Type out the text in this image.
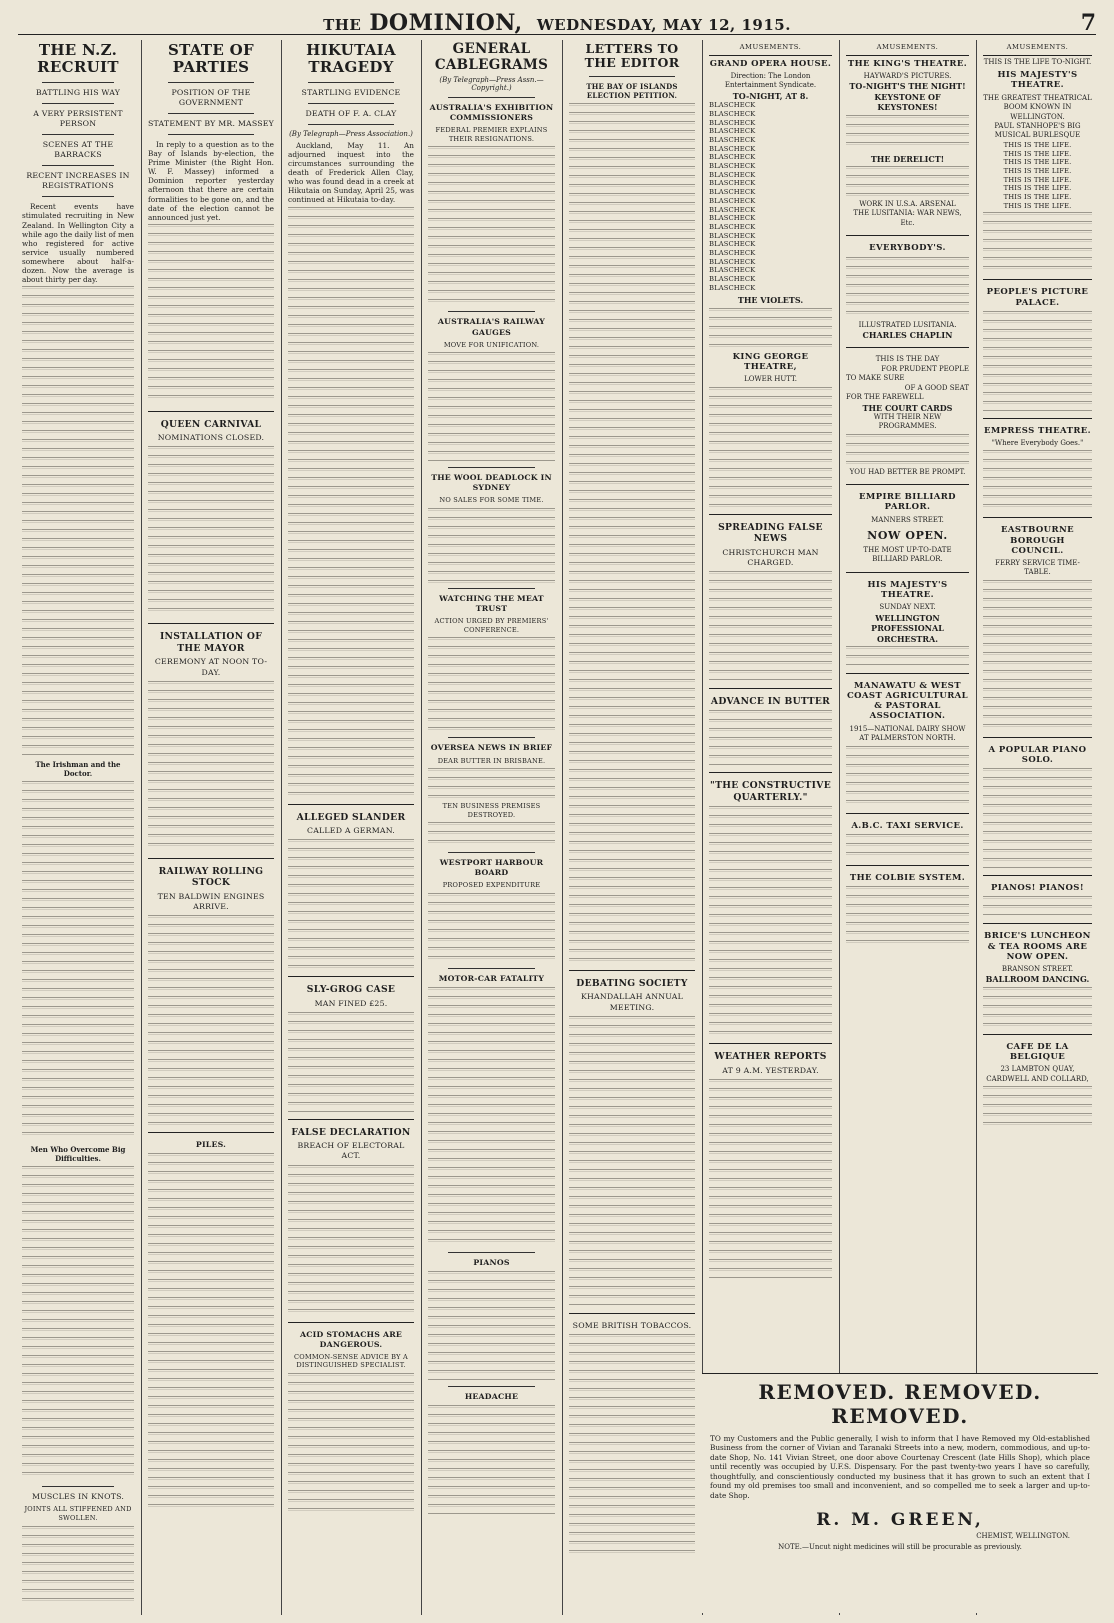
THE DOMINION, WEDNESDAY, MAY 12, 1915.	7
THE N.Z. RECRUIT
BATTLING HIS WAY
A VERY PERSISTENT PERSON
SCENES AT THE BARRACKS
RECENT INCREASES IN REGISTRATIONS

Recent events have stimulated recruiting in New Zealand. In Wellington City a while ago the daily list of men who registered for active service usually numbered somewhere about half-a-dozen. Now the average is about thirty per day.

The Irishman and the Doctor.
Men Who Overcome Big Difficulties.
MUSCLES IN KNOTS.
JOINTS ALL STIFFENED AND SWOLLEN.
STATE OF PARTIES
POSITION OF THE GOVERNMENT
STATEMENT BY MR. MASSEY

In reply to a question as to the Bay of Islands by-election, the Prime Minister (the Right Hon. W. F. Massey) informed a Dominion reporter yesterday afternoon that there are certain formalities to be gone on, and the date of the election cannot be announced just yet.

QUEEN CARNIVAL
NOMINATIONS CLOSED.
INSTALLATION OF THE MAYOR
CEREMONY AT NOON TO-DAY.
RAILWAY ROLLING STOCK
TEN BALDWIN ENGINES ARRIVE.
PILES.
HIKUTAIA TRAGEDY
STARTLING EVIDENCE
DEATH OF F. A. CLAY
(By Telegraph—Press Association.)

Auckland, May 11. An adjourned inquest into the circumstances surrounding the death of Frederick Allen Clay, who was found dead in a creek at Hikutaia on Sunday, April 25, was continued at Hikutaia to-day.

ALLEGED SLANDER
CALLED A GERMAN.
SLY-GROG CASE
MAN FINED £25.
FALSE DECLARATION
BREACH OF ELECTORAL ACT.
ACID STOMACHS ARE DANGEROUS.
COMMON-SENSE ADVICE BY A DISTINGUISHED SPECIALIST.
GENERAL CABLEGRAMS
(By Telegraph—Press Assn.—Copyright.)
AUSTRALIA'S EXHIBITION COMMISSIONERS
FEDERAL PREMIER EXPLAINS THEIR RESIGNATIONS.
AUSTRALIA'S RAILWAY GAUGES
MOVE FOR UNIFICATION.
THE WOOL DEADLOCK IN SYDNEY
NO SALES FOR SOME TIME.
WATCHING THE MEAT TRUST
ACTION URGED BY PREMIERS' CONFERENCE.
OVERSEA NEWS IN BRIEF
DEAR BUTTER IN BRISBANE.
TEN BUSINESS PREMISES DESTROYED.
WESTPORT HARBOUR BOARD
PROPOSED EXPENDITURE
MOTOR-CAR FATALITY
PIANOS
HEADACHE
LETTERS TO THE EDITOR
THE BAY OF ISLANDS ELECTION PETITION.
DEBATING SOCIETY
KHANDALLAH ANNUAL MEETING.
SOME BRITISH TOBACCOS.
AMUSEMENTS.
GRAND OPERA HOUSE.
Direction: The London Entertainment Syndicate.
TO-NIGHT, AT 8.
BLASCHECK
BLASCHECK
BLASCHECK
BLASCHECK
BLASCHECK
BLASCHECK
BLASCHECK
BLASCHECK
BLASCHECK
BLASCHECK
BLASCHECK
BLASCHECK
BLASCHECK
BLASCHECK
BLASCHECK
BLASCHECK
BLASCHECK
BLASCHECK
BLASCHECK
BLASCHECK
BLASCHECK
BLASCHECK
THE VIOLETS.
KING GEORGE THEATRE,
LOWER HUTT.
SPREADING FALSE NEWS
CHRISTCHURCH MAN CHARGED.
ADVANCE IN BUTTER
"THE CONSTRUCTIVE QUARTERLY."
WEATHER REPORTS
AT 9 A.M. YESTERDAY.
AMUSEMENTS.
THE KING'S THEATRE.
HAYWARD'S PICTURES.
TO-NIGHT'S THE NIGHT!
KEYSTONE OF KEYSTONES!
THE DERELICT!
WORK IN U.S.A. ARSENAL
THE LUSITANIA: WAR NEWS, Etc.
EVERYBODY'S.
ILLUSTRATED LUSITANIA.
CHARLES CHAPLIN
THIS IS THE DAY
FOR PRUDENT PEOPLE
TO MAKE SURE
OF A GOOD SEAT
FOR THE FAREWELL
THE COURT CARDS
WITH THEIR NEW PROGRAMMES.
YOU HAD BETTER BE PROMPT.
EMPIRE BILLIARD PARLOR.
MANNERS STREET.
NOW OPEN.
THE MOST UP-TO-DATE BILLIARD PARLOR.
HIS MAJESTY'S THEATRE.
SUNDAY NEXT.
WELLINGTON PROFESSIONAL ORCHESTRA.
MANAWATU & WEST COAST AGRICULTURAL & PASTORAL ASSOCIATION.
1915—NATIONAL DAIRY SHOW AT PALMERSTON NORTH.
A.B.C. TAXI SERVICE.
THE COLBIE SYSTEM.
AMUSEMENTS.
THIS IS THE LIFE TO-NIGHT.
HIS MAJESTY'S THEATRE.
THE GREATEST THEATRICAL BOOM KNOWN IN WELLINGTON.
PAUL STANHOPE'S BIG MUSICAL BURLESQUE
THIS IS THE LIFE.
THIS IS THE LIFE.
THIS IS THE LIFE.
THIS IS THE LIFE.
THIS IS THE LIFE.
THIS IS THE LIFE.
THIS IS THE LIFE.
THIS IS THE LIFE.
PEOPLE'S PICTURE PALACE.
EMPRESS THEATRE.
"Where Everybody Goes."
EASTBOURNE BOROUGH COUNCIL.
FERRY SERVICE TIME-TABLE.
A POPULAR PIANO SOLO.
PIANOS! PIANOS!
BRICE'S LUNCHEON & TEA ROOMS ARE NOW OPEN.
BRANSON STREET.
BALLROOM DANCING.
CAFE DE LA BELGIQUE
23 LAMBTON QUAY,
CARDWELL AND COLLARD,
REMOVED. REMOVED. REMOVED.
TO my Customers and the Public generally, I wish to inform that I have Removed my Old-established Business from the corner of Vivian and Taranaki Streets into a new, modern, commodious, and up-to-date Shop, No. 141 Vivian Street, one door above Courtenay Crescent (late Hills Shop), which place until recently was occupied by U.F.S. Dispensary. For the past twenty-two years I have so carefully, thoughtfully, and conscientiously conducted my business that it has grown to such an extent that I found my old premises too small and inconvenient, and so compelled me to seek a larger and up-to-date Shop.
R. M. GREEN,
CHEMIST, WELLINGTON.
NOTE.—Uncut night medicines will still be procurable as previously.
